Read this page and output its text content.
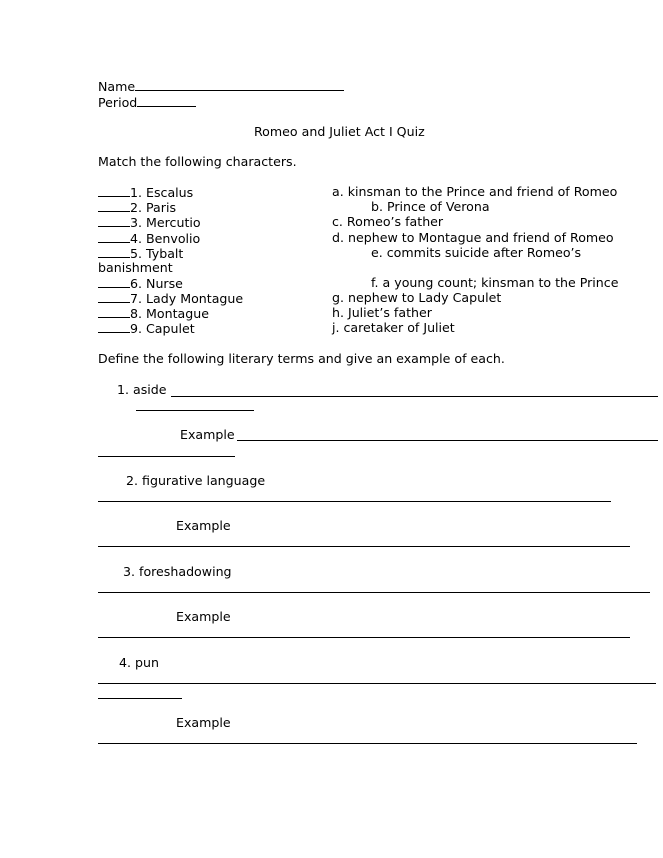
Name
Period
Romeo and Juliet Act I Quiz
Match the following characters.
1. Escalus
2. Paris
3. Mercutio
4. Benvolio
5. Tybalt
6. Nurse
7. Lady Montague
8. Montague
9. Capulet
a. kinsman to the Prince and friend of Romeo
b. Prince of Verona
c. Romeo’s father
d. nephew to Montague and friend of Romeo
e. commits suicide after Romeo’s
banishment
f. a young count; kinsman to the Prince
g. nephew to Lady Capulet
h. Juliet’s father
j. caretaker of Juliet
Define the following literary terms and give an example of each.
1. aside
Example
2. figurative language
Example
3. foreshadowing
Example
4. pun
Example
